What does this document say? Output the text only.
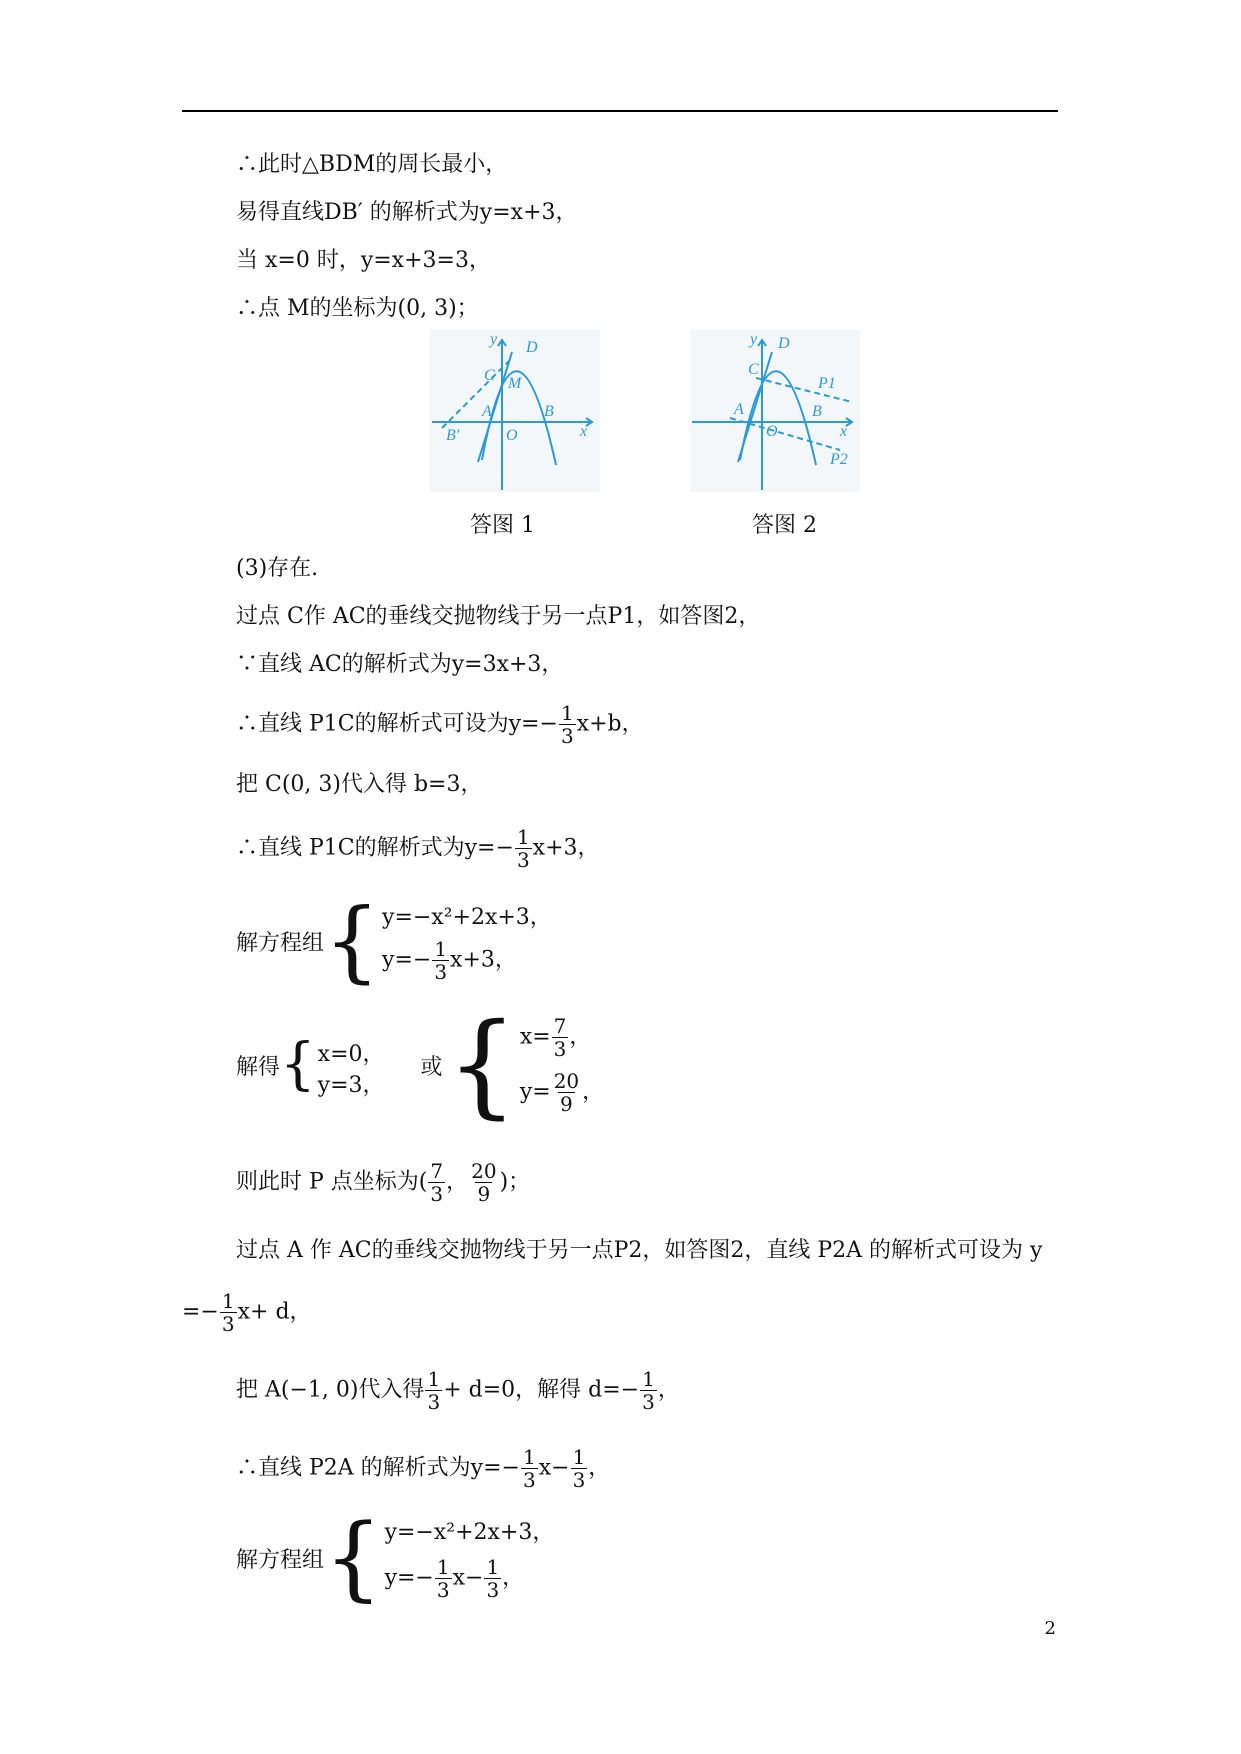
∴此时△BDM的周长最小，
易得直线DB′ 的解析式为y=x+3，
当 x=0 时，y=x+3=3，
∴点 M的坐标为(0, 3)；
y D
C M
A	B
x
O
B′
答图 1
y D
C
P1
A	B
x
O
P2
答图 2
(3)存在.
过点 C作 AC的垂线交抛物线于另一点P1，如答图2，
∵直线 AC的解析式为y=3x+3，
∴直线 P1C的解析式可设为$y=- \frac{1}{3} x+b$，
把 C(0, 3)代入得 b=3，
∴直线 P1C的解析式为$y=- \frac{1}{3} x+3$，
解方程组 { y=−x²+2x+3，
$y=- \frac{1}{3} x+3$，
解得 { x=0，
y=3，
或 { $x= \frac{7}{3}$ ，
$y= \frac{20}{9}$ ，
则此时 P 点坐标为( $\frac{7}{3}$ ， $\frac{20}{9}$ )；
过点 A 作 AC的垂线交抛物线于另一点P2，如答图2，直线 P2A 的解析式可设为 y
=− $\frac{1}{3} x+ d$，
把 A(−1, 0)代入得 $\frac{1}{3} + d=0$，解得 $d=- \frac{1}{3}$ ，
∴直线 P2A 的解析式为$y=- \frac{1}{3} x- \frac{1}{3}$ ，
解方程组 { y=−x²+2x+3，
$y=- \frac{1}{3} x- \frac{1}{3}$ ，
2
